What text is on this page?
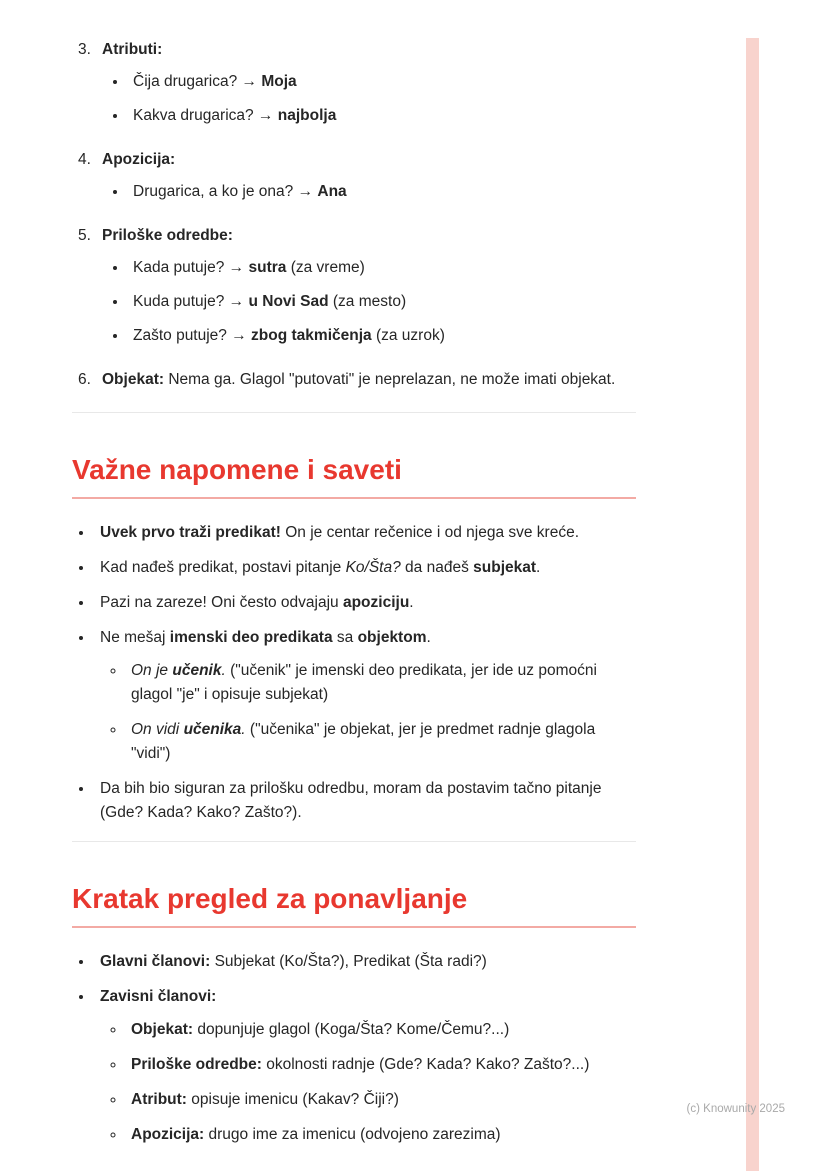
3. Atributi:
• Čija drugarica? → Moja
• Kakva drugarica? → najbolja
4. Apozicija:
• Drugarica, a ko je ona? → Ana
5. Priloške odredbe:
• Kada putuje? → sutra (za vreme)
• Kuda putuje? → u Novi Sad (za mesto)
• Zašto putuje? → zbog takmičenja (za uzrok)
6. Objekat: Nema ga. Glagol "putovati" je neprelazan, ne može imati objekat.
Važne napomene i saveti
• Uvek prvo traži predikat! On je centar rečenice i od njega sve kreće.
• Kad nađeš predikat, postavi pitanje Ko/Šta? da nađeš subjekat.
• Pazi na zareze! Oni često odvajaju apoziciju.
• Ne mešaj imenski deo predikata sa objektom.
◦ On je učenik. ("učenik" je imenski deo predikata, jer ide uz pomoćni glagol "je" i opisuje subjekat)
◦ On vidi učenika. ("učenika" je objekat, jer je predmet radnje glagola "vidi")
• Da bih bio siguran za prilošku odredbu, moram da postavim tačno pitanje (Gde? Kada? Kako? Zašto?).
Kratak pregled za ponavljanje
• Glavni članovi: Subjekat (Ko/Šta?), Predikat (Šta radi?)
• Zavisni članovi:
◦ Objekat: dopunjuje glagol (Koga/Šta? Kome/Čemu?...)
◦ Priloške odredbe: okolnosti radnje (Gde? Kada? Kako? Zašto?...)
◦ Atribut: opisuje imenicu (Kakav? Čiji?)
◦ Apozicija: drugo ime za imenicu (odvojeno zarezima)
(c) Knowunity 2025
